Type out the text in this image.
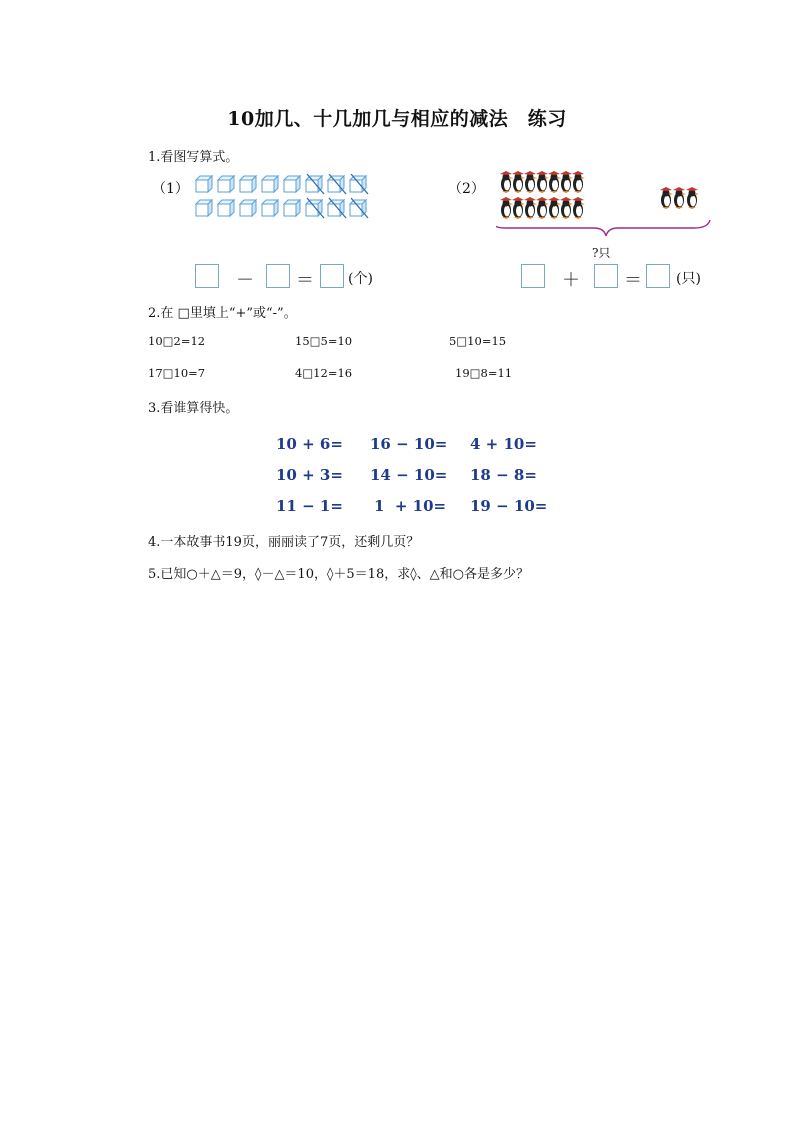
10加几、十几加几与相应的减法　练习
1.看图写算式。
（1）	（2）
?只
－ ＝ (个)	＋ ＝ (只)
2.在 □里填上“+”或“-”。
10□2=12	15□5=10	5□10=15
17□10=7	4□12=16	19□8=11
3.看谁算得快。
10 + 6= 16 − 10= 4 + 10=
10 + 3= 14 − 10= 18 − 8=
11 − 1= 1  + 10= 19 − 10=
4.一本故事书19页，丽丽读了7页，还剩几页？
5.已知○＋△＝9，◊－△＝10，◊＋5＝18，求◊、△和○各是多少？
